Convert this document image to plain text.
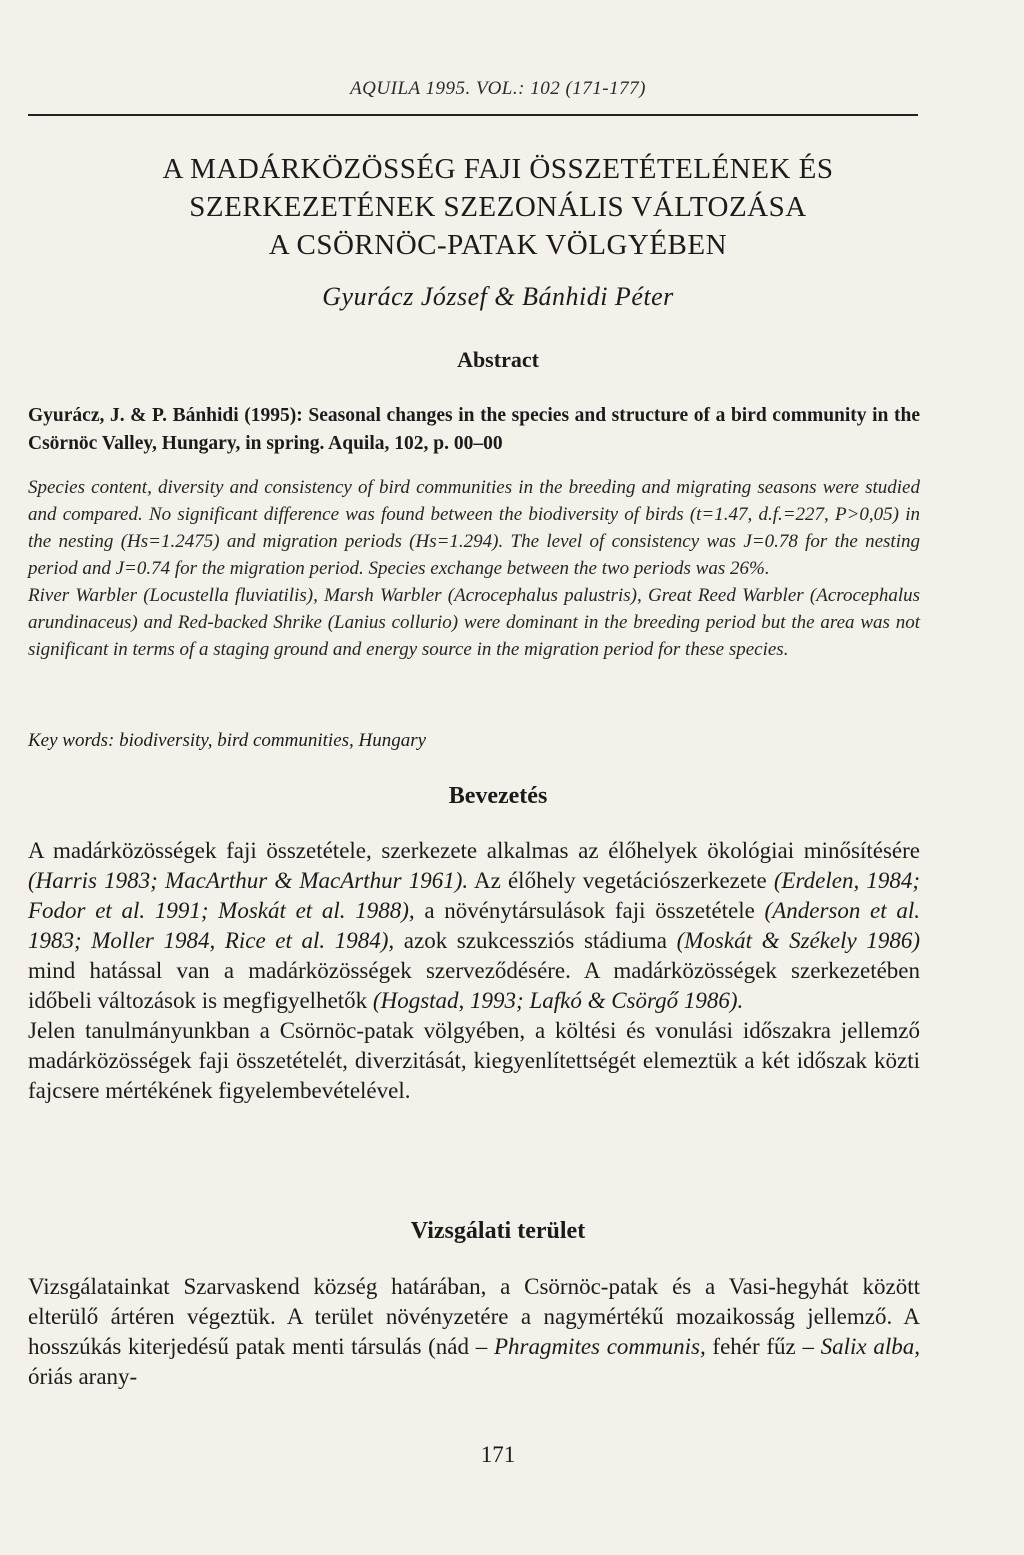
AQUILA 1995. VOL.: 102 (171-177)
A MADÁRKÖZÖSSÉG FAJI ÖSSZETÉTELÉNEK ÉS
SZERKEZETÉNEK SZEZONÁLIS VÁLTOZÁSA
A CSÖRNÖC-PATAK VÖLGYÉBEN
Gyurácz József & Bánhidi Péter
Abstract
Gyurácz, J. & P. Bánhidi (1995): Seasonal changes in the species and structure of a bird community in the Csörnöc Valley, Hungary, in spring. Aquila, 102, p. 00–00

Species content, diversity and consistency of bird communities in the breeding and migrating seasons were studied and compared. No significant difference was found between the biodiversity of birds (t=1.47, d.f.=227, P>0,05) in the nesting (Hs=1.2475) and migration periods (Hs=1.294). The level of consistency was J=0.78 for the nesting period and J=0.74 for the migration period. Species exchange between the two periods was 26%.

River Warbler (Locustella fluviatilis), Marsh Warbler (Acrocephalus palustris), Great Reed Warbler (Acrocephalus arundinaceus) and Red-backed Shrike (Lanius collurio) were dominant in the breeding period but the area was not significant in terms of a staging ground and energy source in the migration period for these species.

Key words: biodiversity, bird communities, Hungary
Bevezetés

A madárközösségek faji összetétele, szerkezete alkalmas az élőhelyek ökológiai minősítésére (Harris 1983; MacArthur & MacArthur 1961). Az élőhely vegetációszerkezete (Erdelen, 1984; Fodor et al. 1991; Moskát et al. 1988), a növénytársulások faji összetétele (Anderson et al. 1983; Moller 1984, Rice et al. 1984), azok szukcessziós stádiuma (Moskát & Székely 1986) mind hatással van a madárközösségek szerveződésére. A madárközösségek szerkezetében időbeli változások is megfigyelhetők (Hogstad, 1993; Lafkó & Csörgő 1986).

Jelen tanulmányunkban a Csörnöc-patak völgyében, a költési és vonulási időszakra jellemző madárközösségek faji összetételét, diverzitását, kiegyenlítettségét elemeztük a két időszak közti fajcsere mértékének figyelembevételével.

Vizsgálati terület

Vizsgálatainkat Szarvaskend község határában, a Csörnöc-patak és a Vasi-hegyhát között elterülő ártéren végeztük. A terület növényzetére a nagymértékű mozaikosság jellemző. A hosszúkás kiterjedésű patak menti társulás (nád – Phragmites communis, fehér fűz – Salix alba, óriás arany-

171
